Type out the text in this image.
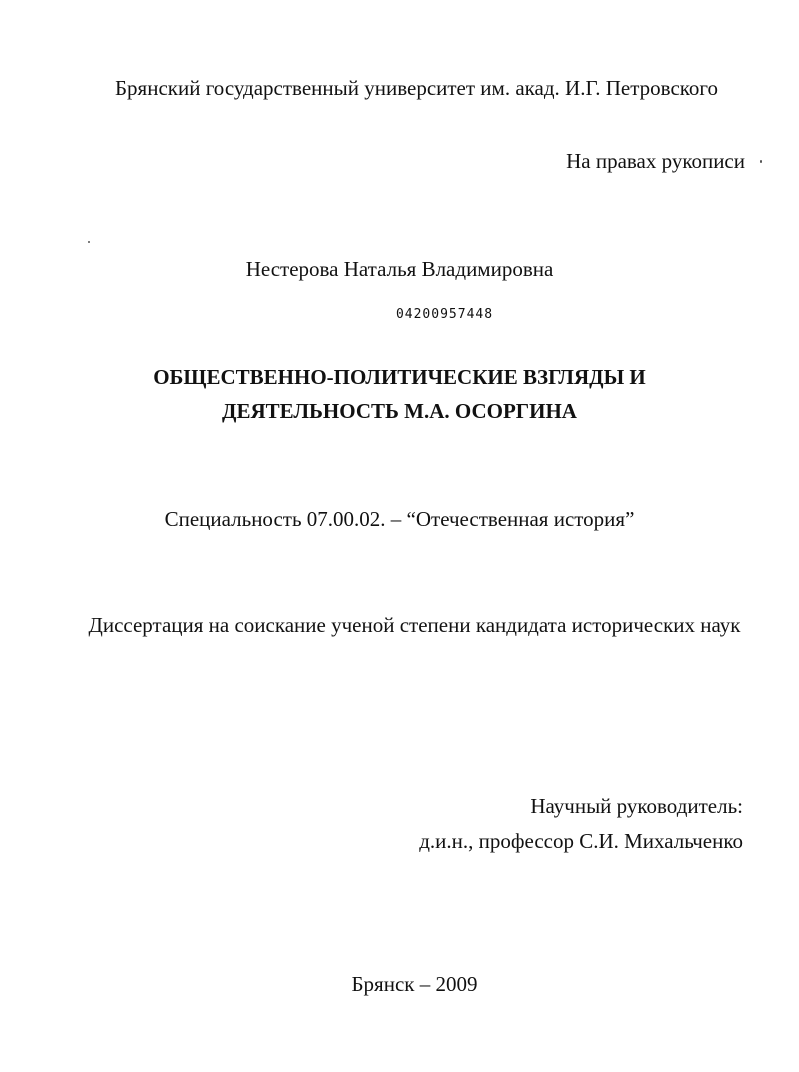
Брянский государственный университет им. акад. И.Г. Петровского
На правах рукописи
Нестерова Наталья Владимировна
04200957448
ОБЩЕСТВЕННО-ПОЛИТИЧЕСКИЕ ВЗГЛЯДЫ И
ДЕЯТЕЛЬНОСТЬ М.А. ОСОРГИНА
Специальность 07.00.02. – “Отечественная история”
Диссертация на соискание ученой степени кандидата исторических наук
Научный руководитель:
д.и.н., профессор С.И. Михальченко
Брянск – 2009
